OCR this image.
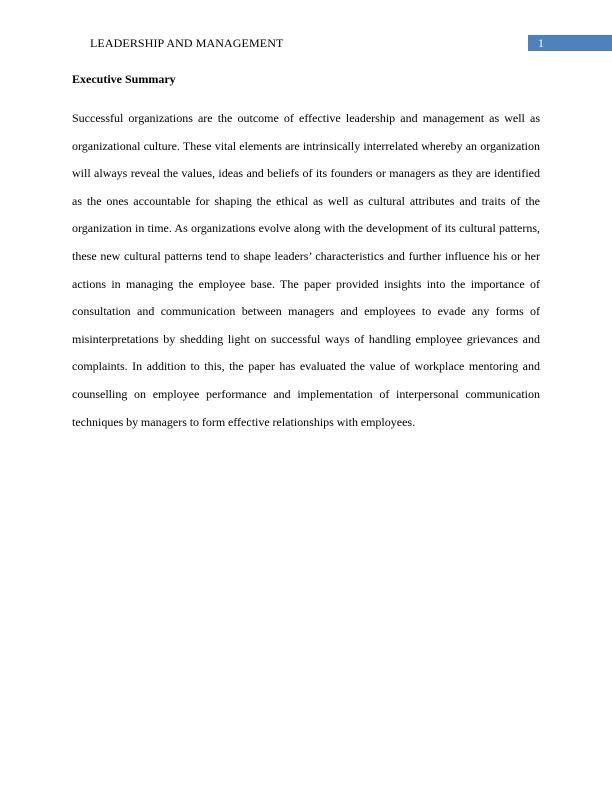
LEADERSHIP AND MANAGEMENT	1
Executive Summary

Successful organizations are the outcome of effective leadership and management as well as organizational culture. These vital elements are intrinsically interrelated whereby an organization will always reveal the values, ideas and beliefs of its founders or managers as they are identified as the ones accountable for shaping the ethical as well as cultural attributes and traits of the organization in time. As organizations evolve along with the development of its cultural patterns, these new cultural patterns tend to shape leaders’ characteristics and further influence his or her actions in managing the employee base. The paper provided insights into the importance of consultation and communication between managers and employees to evade any forms of misinterpretations by shedding light on successful ways of handling employee grievances and complaints. In addition to this, the paper has evaluated the value of workplace mentoring and counselling on employee performance and implementation of interpersonal communication techniques by managers to form effective relationships with employees.
